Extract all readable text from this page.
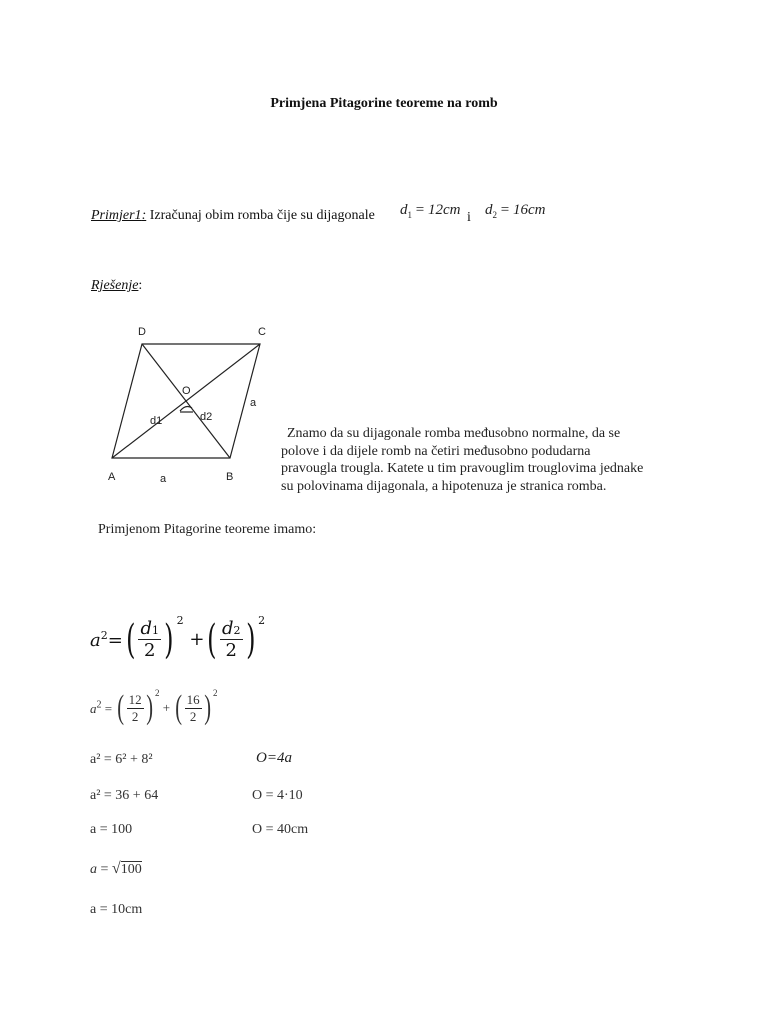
Primjena Pitagorine teoreme na romb
Primjer1: Izračunaj obim romba čije su dijagonale $d_1 = 12cm$ i $d_2 = 16cm$
Rješenje:
D	C
A	B
O
d1	d2
a
a
Znamo da su dijagonale romba međusobno normalne, da se
polove i da dijele romb na četiri međusobno podudarna
pravougla trougla. Katete u tim pravouglim trouglovima jednake
su polovinama dijagonala, a hipotenuza je stranica romba.
Primjenom Pitagorine teoreme imamo:
$a^2=( \frac{d1}{2}$ ) $^2$ +( $\frac{d2}{2}$ ) $^2$
$a^2$ = ( $\frac{12}{2}$ ) $^2$ + ( $\frac{16}{2}$ ) $^2$
a² = 6² + 8²
a² = 36 + 64
a = 100
a = √100
a = 10cm
O=4a
O = 4·10
O = 40cm
